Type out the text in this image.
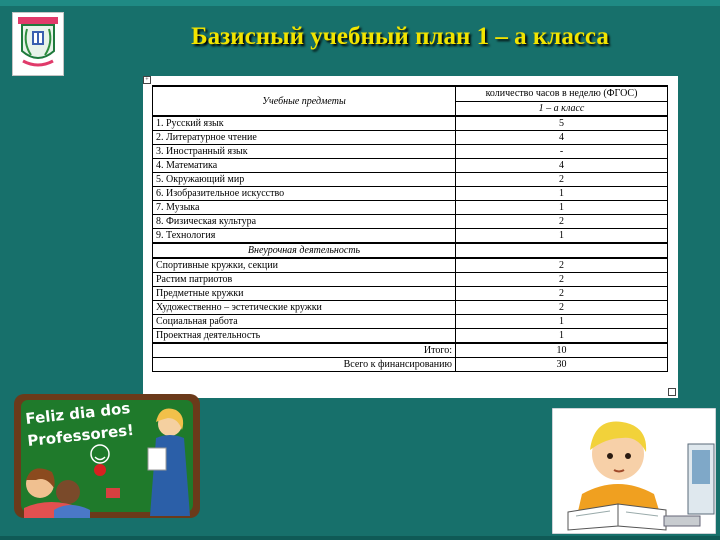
Базисный учебный план 1 – а класса
+
Учебные предметы	количество часов в неделю (ФГОС)
	1 – а класс
1. Русский язык	5
2. Литературное чтение	4
3. Иностранный язык	-
4. Математика	4
5. Окружающий мир	2
6. Изобразительное искусство	1
7. Музыка	1
8. Физическая культура	2
9. Технология	1
Внеурочная деятельность	
Спортивные кружки, секции	2
Растим патриотов	2
Предметные кружки	2
Художественно – эстетические кружки	2
Социальная работа	1
Проектная деятельность	1
Итого:	10
Всего к финансированию	30
Feliz dia dos
Professores!
